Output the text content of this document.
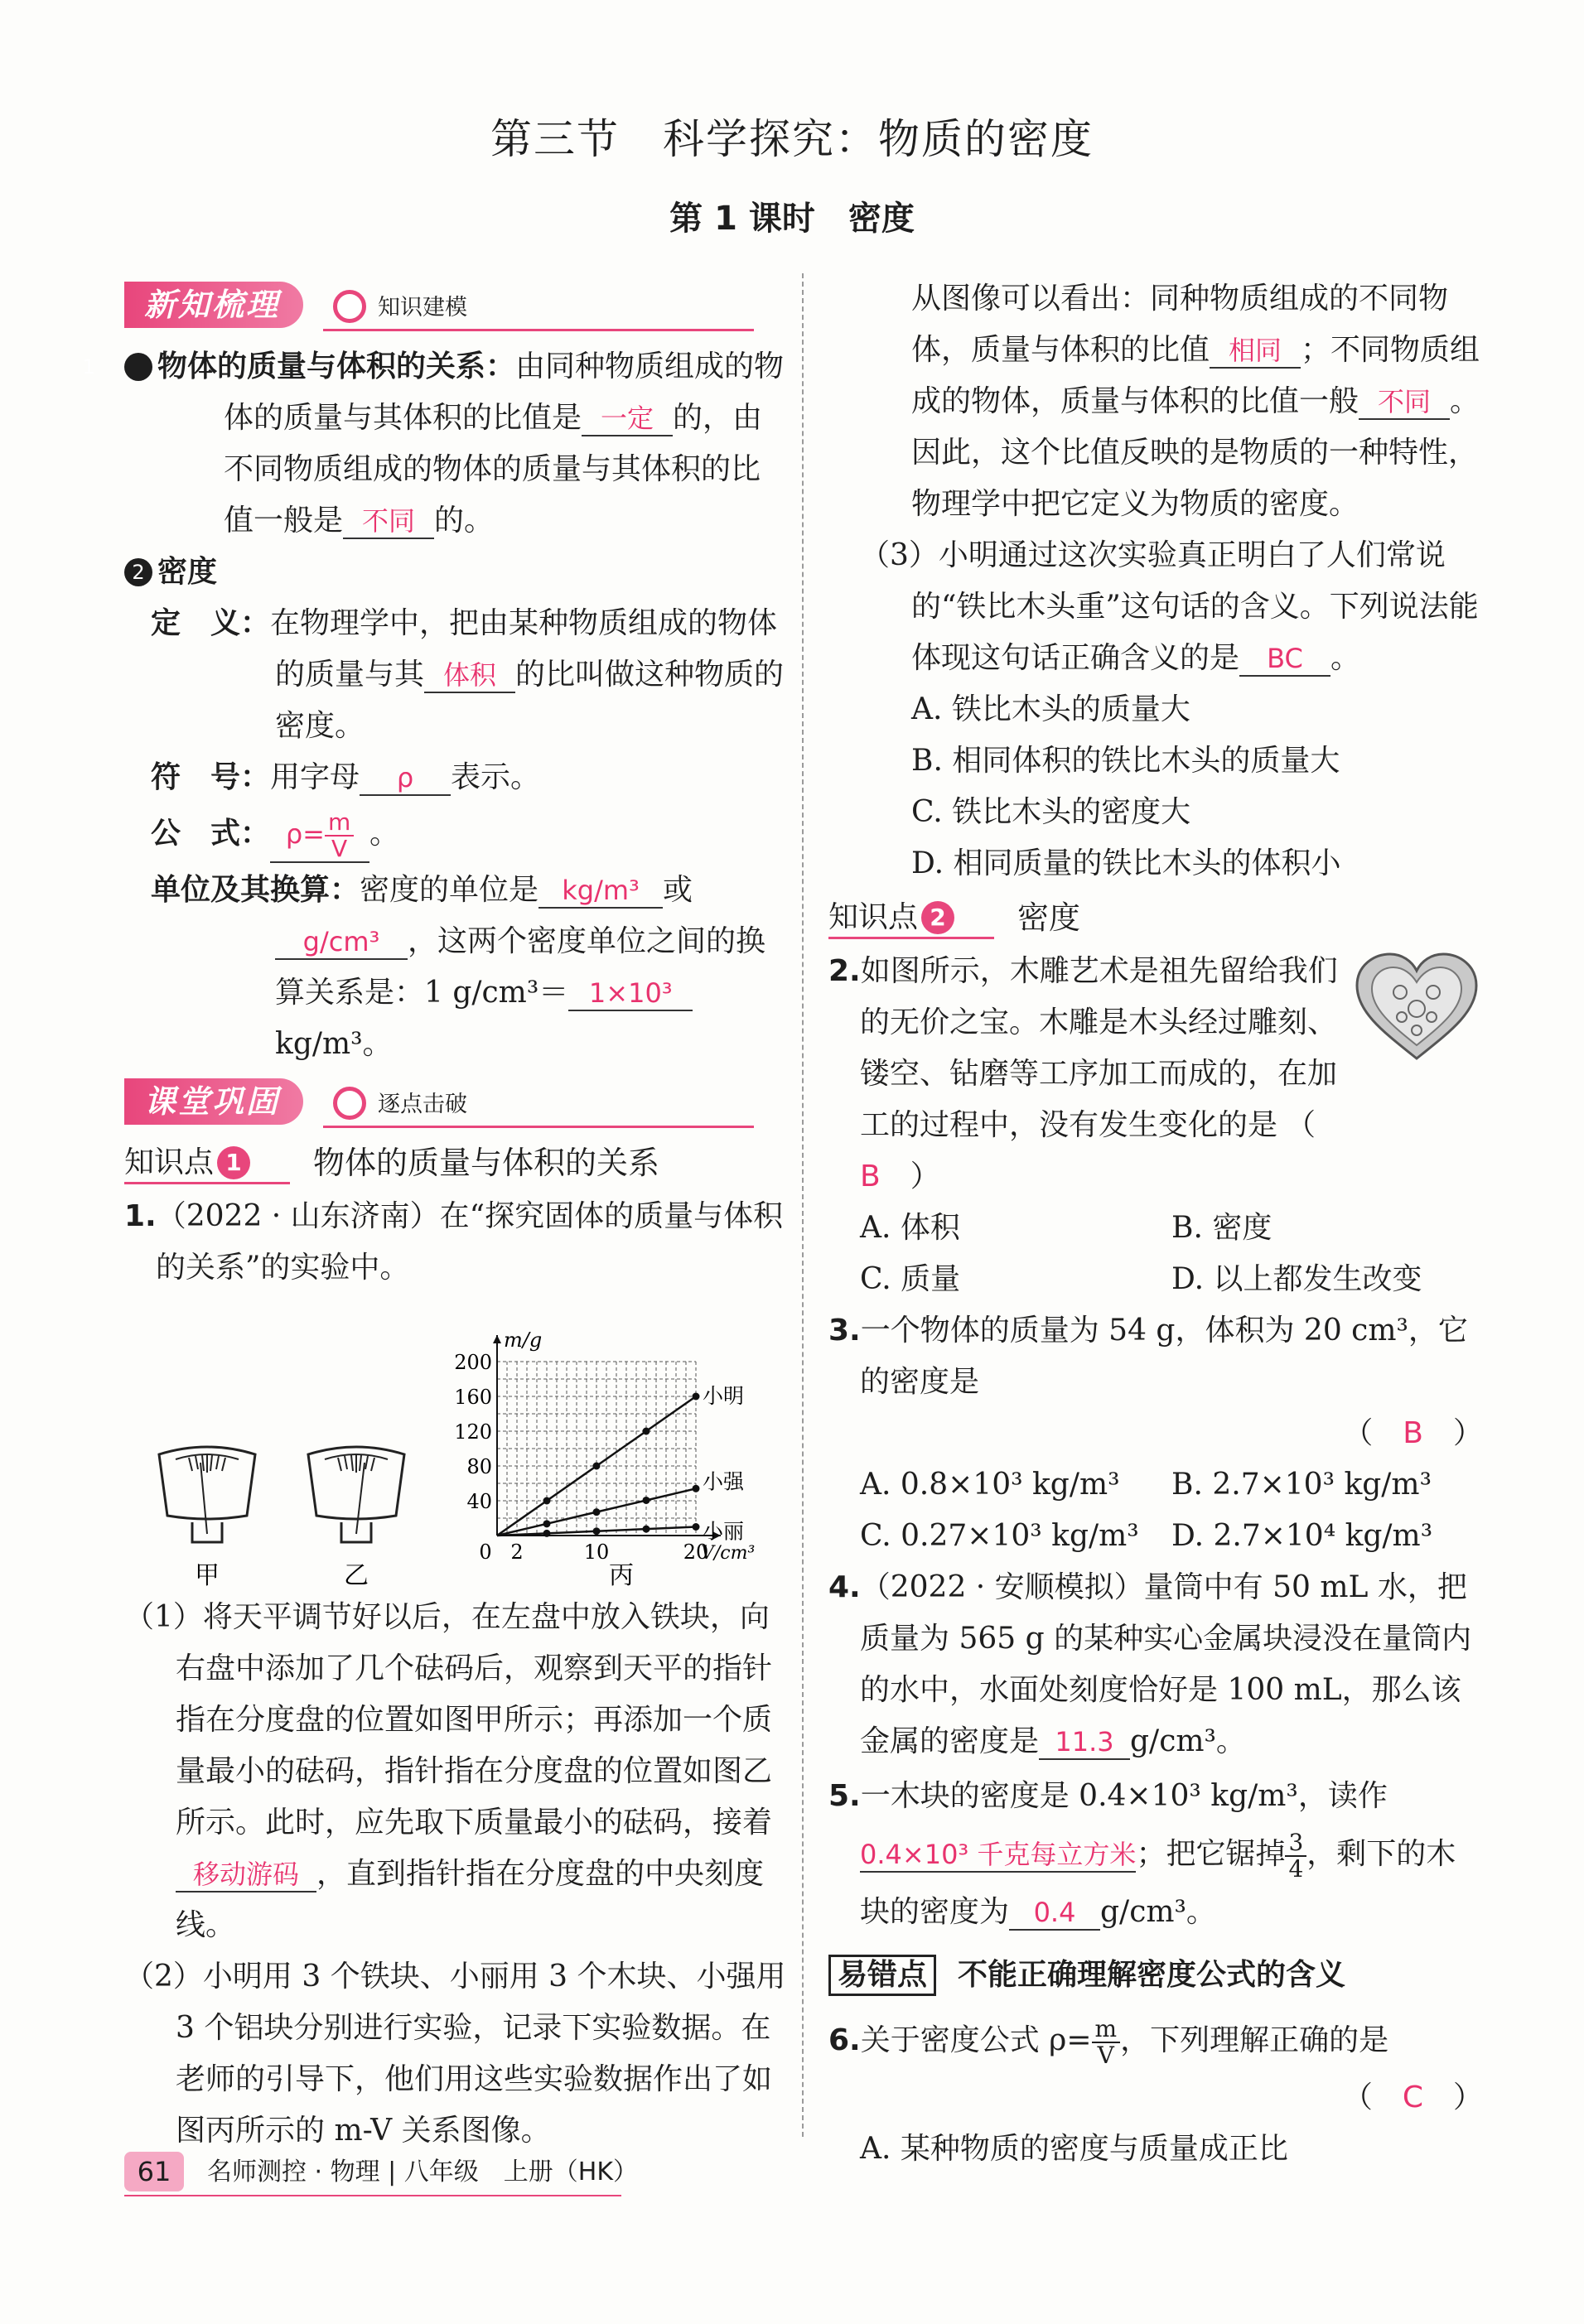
第三节　科学探究：物质的密度
第 1 课时　密度
新知梳理	知识建模

1 物体的质量与体积的关系：由同种物质组成的物体的质量与其体积的比值是 一定 的，由不同物质组成的物体的质量与其体积的比值一般是 不同 的。

2 密度

定　义：在物理学中，把由某种物质组成的物体的质量与其 体积 的比叫做这种物质的密度。

符　号：用字母 ρ 表示。

公　式： $\rho= \frac{m}{V}$ 。

单位及其换算：密度的单位是 kg/m³ 或g/cm³ ，这两个密度单位之间的换算关系是：1 g/cm³＝ 1×10³kg/m³。

课堂巩固	逐点击破
知识点 1 物体的质量与体积的关系

1.（2022 · 山东济南）在“探究固体的质量与体积的关系”的实验中。

40
80
120
160
200
0 2	10	20
m/g
V/cm³
小明
小强
小丽
甲	乙	丙

（1）将天平调节好以后，在左盘中放入铁块，向右盘中添加了几个砝码后，观察到天平的指针指在分度盘的位置如图甲所示；再添加一个质量最小的砝码，指针指在分度盘的位置如图乙所示。此时，应先取下质量最小的砝码，接着移动游码 ，直到指针指在分度盘的中央刻度线。

（2）小明用 3 个铁块、小丽用 3 个木块、小强用 3 个铝块分别进行实验，记录下实验数据。在老师的引导下，他们用这些实验数据作出了如图丙所示的 m-V 关系图像。

从图像可以看出：同种物质组成的不同物体，质量与体积的比值 相同 ；不同物质组成的物体，质量与体积的比值一般 不同 。因此，这个比值反映的是物质的一种特性，物理学中把它定义为物质的密度。

（3）小明通过这次实验真正明白了人们常说的“铁比木头重”这句话的含义。下列说法能体现这句话正确含义的是 BC 。

A. 铁比木头的质量大

B. 相同体积的铁比木头的质量大

C. 铁比木头的密度大

D. 相同质量的铁比木头的体积小

知识点 2 密度

2.如图所示，木雕艺术是祖先留给我们的无价之宝。木雕是木头经过雕刻、镂空、钻磨等工序加工而成的，在加工的过程中，没有发生变化的是 （　B　）

A. 体积	B. 密度
C. 质量	D. 以上都发生改变

3.一个物体的质量为 54 g，体积为 20 cm³，它的密度是

（　B　）

A. 0.8×10³ kg/m³	B. 2.7×10³ kg/m³
C. 0.27×10³ kg/m³	D. 2.7×10⁴ kg/m³

4.（2022 · 安顺模拟）量筒中有 50 mL 水，把质量为 565 g 的某种实心金属块浸没在量筒内的水中，水面处刻度恰好是 100 mL，那么该金属的密度是 11.3 g/cm³。

5.一木块的密度是 0.4×10³ kg/m³，读作0.4×10³ 千克每立方米；把它锯掉 $\frac{3}{4}$ ，剩下的木块的密度为 0.4 g/cm³。

易错点 不能正确理解密度公式的含义

6.关于密度公式 $\rho= \frac{m}{V}$ ，下列理解正确的是

（　C　）

A. 某种物质的密度与质量成正比

61	名师测控 · 物理 | 八年级　上册（HK）
